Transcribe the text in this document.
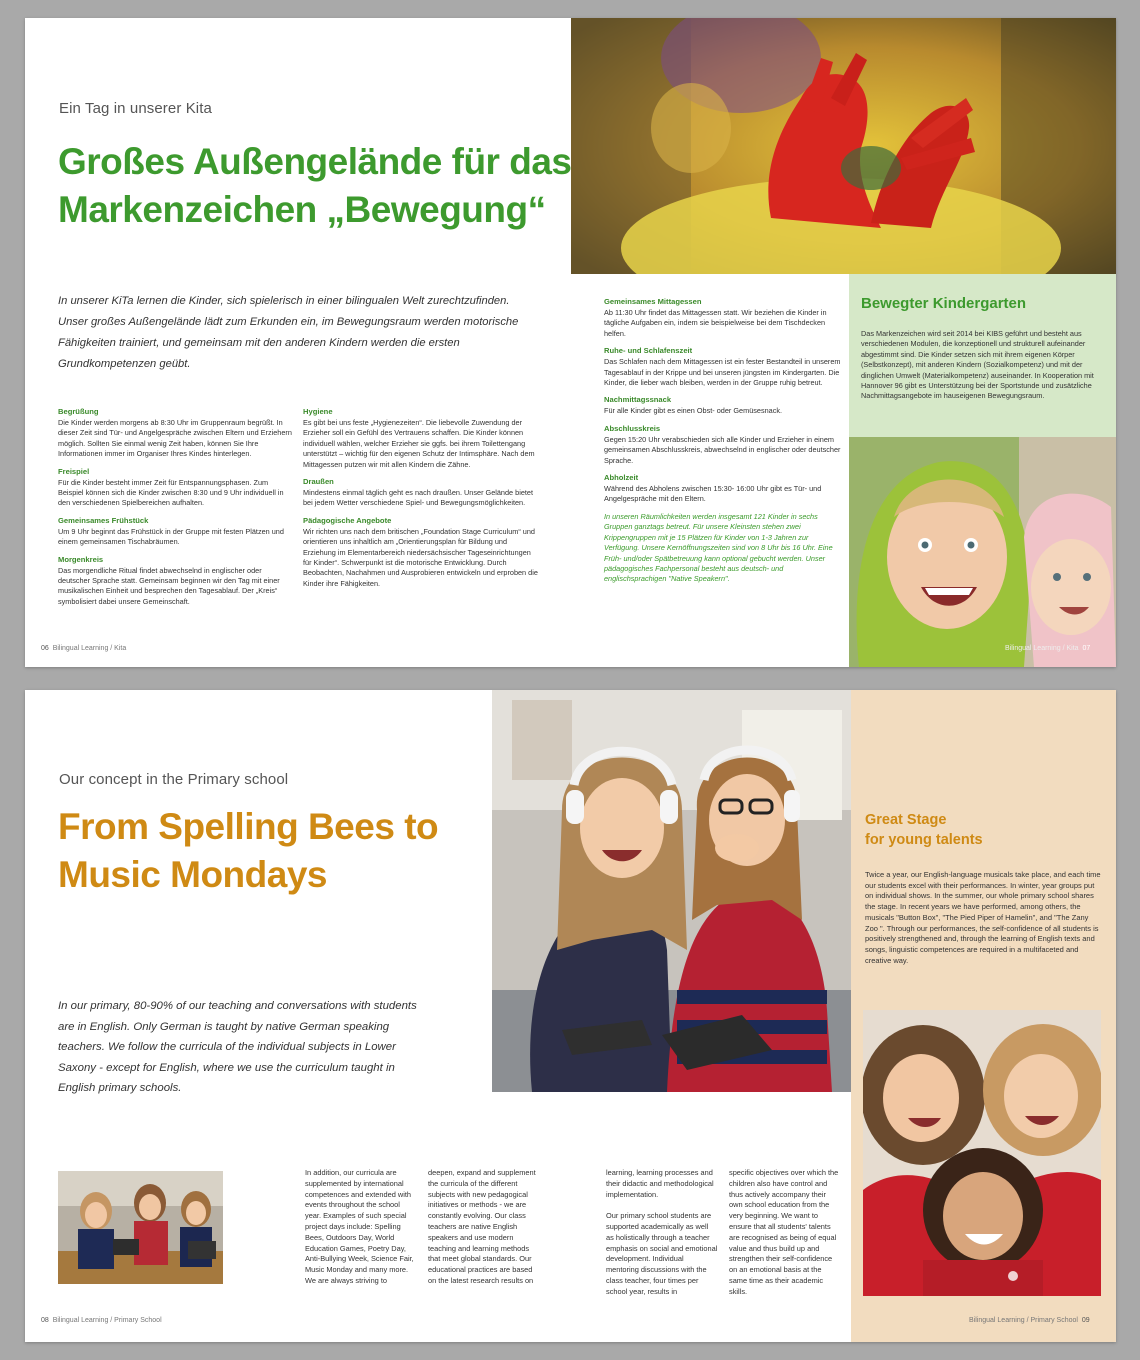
Ein Tag in unserer Kita
Großes Außengelände für das
Markenzeichen „Bewegung“

In unserer KiTa lernen die Kinder, sich spielerisch in einer bilingualen Welt zurechtzufinden. Unser großes Außengelände lädt zum Erkunden ein, im Bewegungsraum werden motorische Fähigkeiten trainiert, und gemeinsam mit den anderen Kindern werden die ersten Grundkompetenzen geübt.

Begrüßung
Die Kinder werden morgens ab 8:30 Uhr im Gruppenraum begrüßt. In dieser Zeit sind Tür- und Angelgespräche zwischen Eltern und Erziehern möglich. Sollten Sie einmal wenig Zeit haben, können Sie Ihre Informationen immer im Organiser Ihres Kindes hinterlegen.
Freispiel
Für die Kinder besteht immer Zeit für Entspannungsphasen. Zum Beispiel können sich die Kinder zwischen 8:30 und 9 Uhr individuell in den verschiedenen Spielbereichen aufhalten.
Gemeinsames Frühstück
Um 9 Uhr beginnt das Frühstück in der Gruppe mit festen Plätzen und einem gemeinsamen Tischabräumen.
Morgenkreis
Das morgendliche Ritual findet abwechselnd in englischer oder deutscher Sprache statt. Gemeinsam beginnen wir den Tag mit einer musikalischen Einheit und besprechen den Tagesablauf. Der „Kreis“ symbolisiert dabei unsere Gemeinschaft.
Hygiene
Es gibt bei uns feste „Hygienezeiten“. Die liebevolle Zuwendung der Erzieher soll ein Gefühl des Vertrauens schaffen. Die Kinder können individuell wählen, welcher Erzieher sie ggfs. bei ihrem Toilettengang unterstützt – wichtig für den eigenen Schutz der Intimsphäre. Nach dem Mittagessen putzen wir mit allen Kindern die Zähne.
Draußen
Mindestens einmal täglich geht es nach draußen. Unser Gelände bietet bei jedem Wetter verschiedene Spiel- und Bewegungsmöglichkeiten.
Pädagogische Angebote
Wir richten uns nach dem britischen „Foundation Stage Curriculum“ und orientieren uns inhaltlich am „Orientierungsplan für Bildung und Erziehung im Elementarbereich niedersächsischer Tageseinrichtungen für Kinder“. Schwerpunkt ist die motorische Entwicklung. Durch Beobachten, Nachahmen und Ausprobieren entwickeln und erproben die Kinder ihre Fähigkeiten.
Gemeinsames Mittagessen
Ab 11:30 Uhr findet das Mittagessen statt. Wir beziehen die Kinder in tägliche Aufgaben ein, indem sie beispielweise bei dem Tischdecken helfen.
Ruhe- und Schlafenszeit
Das Schlafen nach dem Mittagessen ist ein fester Bestandteil in unserem Tagesablauf in der Krippe und bei unseren jüngsten im Kindergarten. Die Kinder, die lieber wach bleiben, werden in der Gruppe ruhig betreut.
Nachmittagssnack
Für alle Kinder gibt es einen Obst- oder Gemüsesnack.
Abschlusskreis
Gegen 15:20 Uhr verabschieden sich alle Kinder und Erzieher in einem gemeinsamen Abschlusskreis, abwechselnd in englischer oder deutscher Sprache.
Abholzeit
Während des Abholens zwischen 15:30- 16:00 Uhr gibt es Tür- und Angelgespräche mit den Eltern.
In unseren Räumlichkeiten werden insgesamt 121 Kinder in sechs Gruppen ganztags betreut. Für unsere Kleinsten stehen zwei Krippengruppen mit je 15 Plätzen für Kinder von 1-3 Jahren zur Verfügung. Unsere Kernöffnungszeiten sind von 8 Uhr bis 16 Uhr. Eine Früh- und/oder Spätbetreuung kann optional gebucht werden. Unser pädagogisches Fachpersonal besteht aus deutsch- und englischsprachigen "Native Speakern".
Bewegter Kindergarten
Das Markenzeichen wird seit 2014 bei KIBS geführt und besteht aus verschiedenen Modulen, die konzeptionell und strukturell aufeinander abgestimmt sind. Die Kinder setzen sich mit ihrem eigenen Körper (Selbstkonzept), mit anderen Kindern (Sozialkompetenz) und mit der dinglichen Umwelt (Materialkompetenz) auseinander. In Kooperation mit Hannover 96 gibt es Unterstützung bei der Sportstunde und zusätzliche Nachmittagsangebote im hauseigenen Bewegungsraum.
06 Bilingual Learning / Kita	Bilingual Learning / Kita 07
Our concept in the Primary school
From Spelling Bees to
Music Mondays

In our primary, 80-90% of our teaching and conversations with students are in English. Only German is taught by native German speaking teachers. We follow the curricula of the individual subjects in Lower Saxony - except for English, where we use the curriculum taught in English primary schools.

Great Stage
for young talents
Twice a year, our English-language musicals take place, and each time our students excel with their performances. In winter, year groups put on individual shows. In the summer, our whole primary school shares the stage. In recent years we have performed, among others, the musicals "Button Box", "The Pied Piper of Hamelin", and "The Zany Zoo ". Through our performances, the self-confidence of all students is positively strengthened and, through the learning of English texts and songs, linguistic competences are required in a multifaceted and creative way.
In addition, our curricula are supplemented by international competences and extended with events throughout the school year. Examples of such special project days include: Spelling Bees, Outdoors Day, World Education Games, Poetry Day, Anti-Bullying Week, Science Fair, Music Monday and many more. We are always striving to
deepen, expand and supplement the curricula of the different subjects with new pedagogical initiatives or methods - we are constantly evolving. Our class teachers are native English speakers and use modern teaching and learning methods that meet global standards. Our educational practices are based on the latest research results on
learning, learning processes and their didactic and methodological implementation.

Our primary school students are supported academically as well as holistically through a teacher emphasis on social and emotional development. Individual mentoring discussions with the class teacher, four times per school year, results in
specific objectives over which the children also have control and thus actively accompany their own school education from the very beginning. We want to ensure that all students' talents are recognised as being of equal value and thus build up and strengthen their self-confidence on an emotional basis at the same time as their academic skills.
08 Bilingual Learning / Primary School	Bilingual Learning / Primary School 09
